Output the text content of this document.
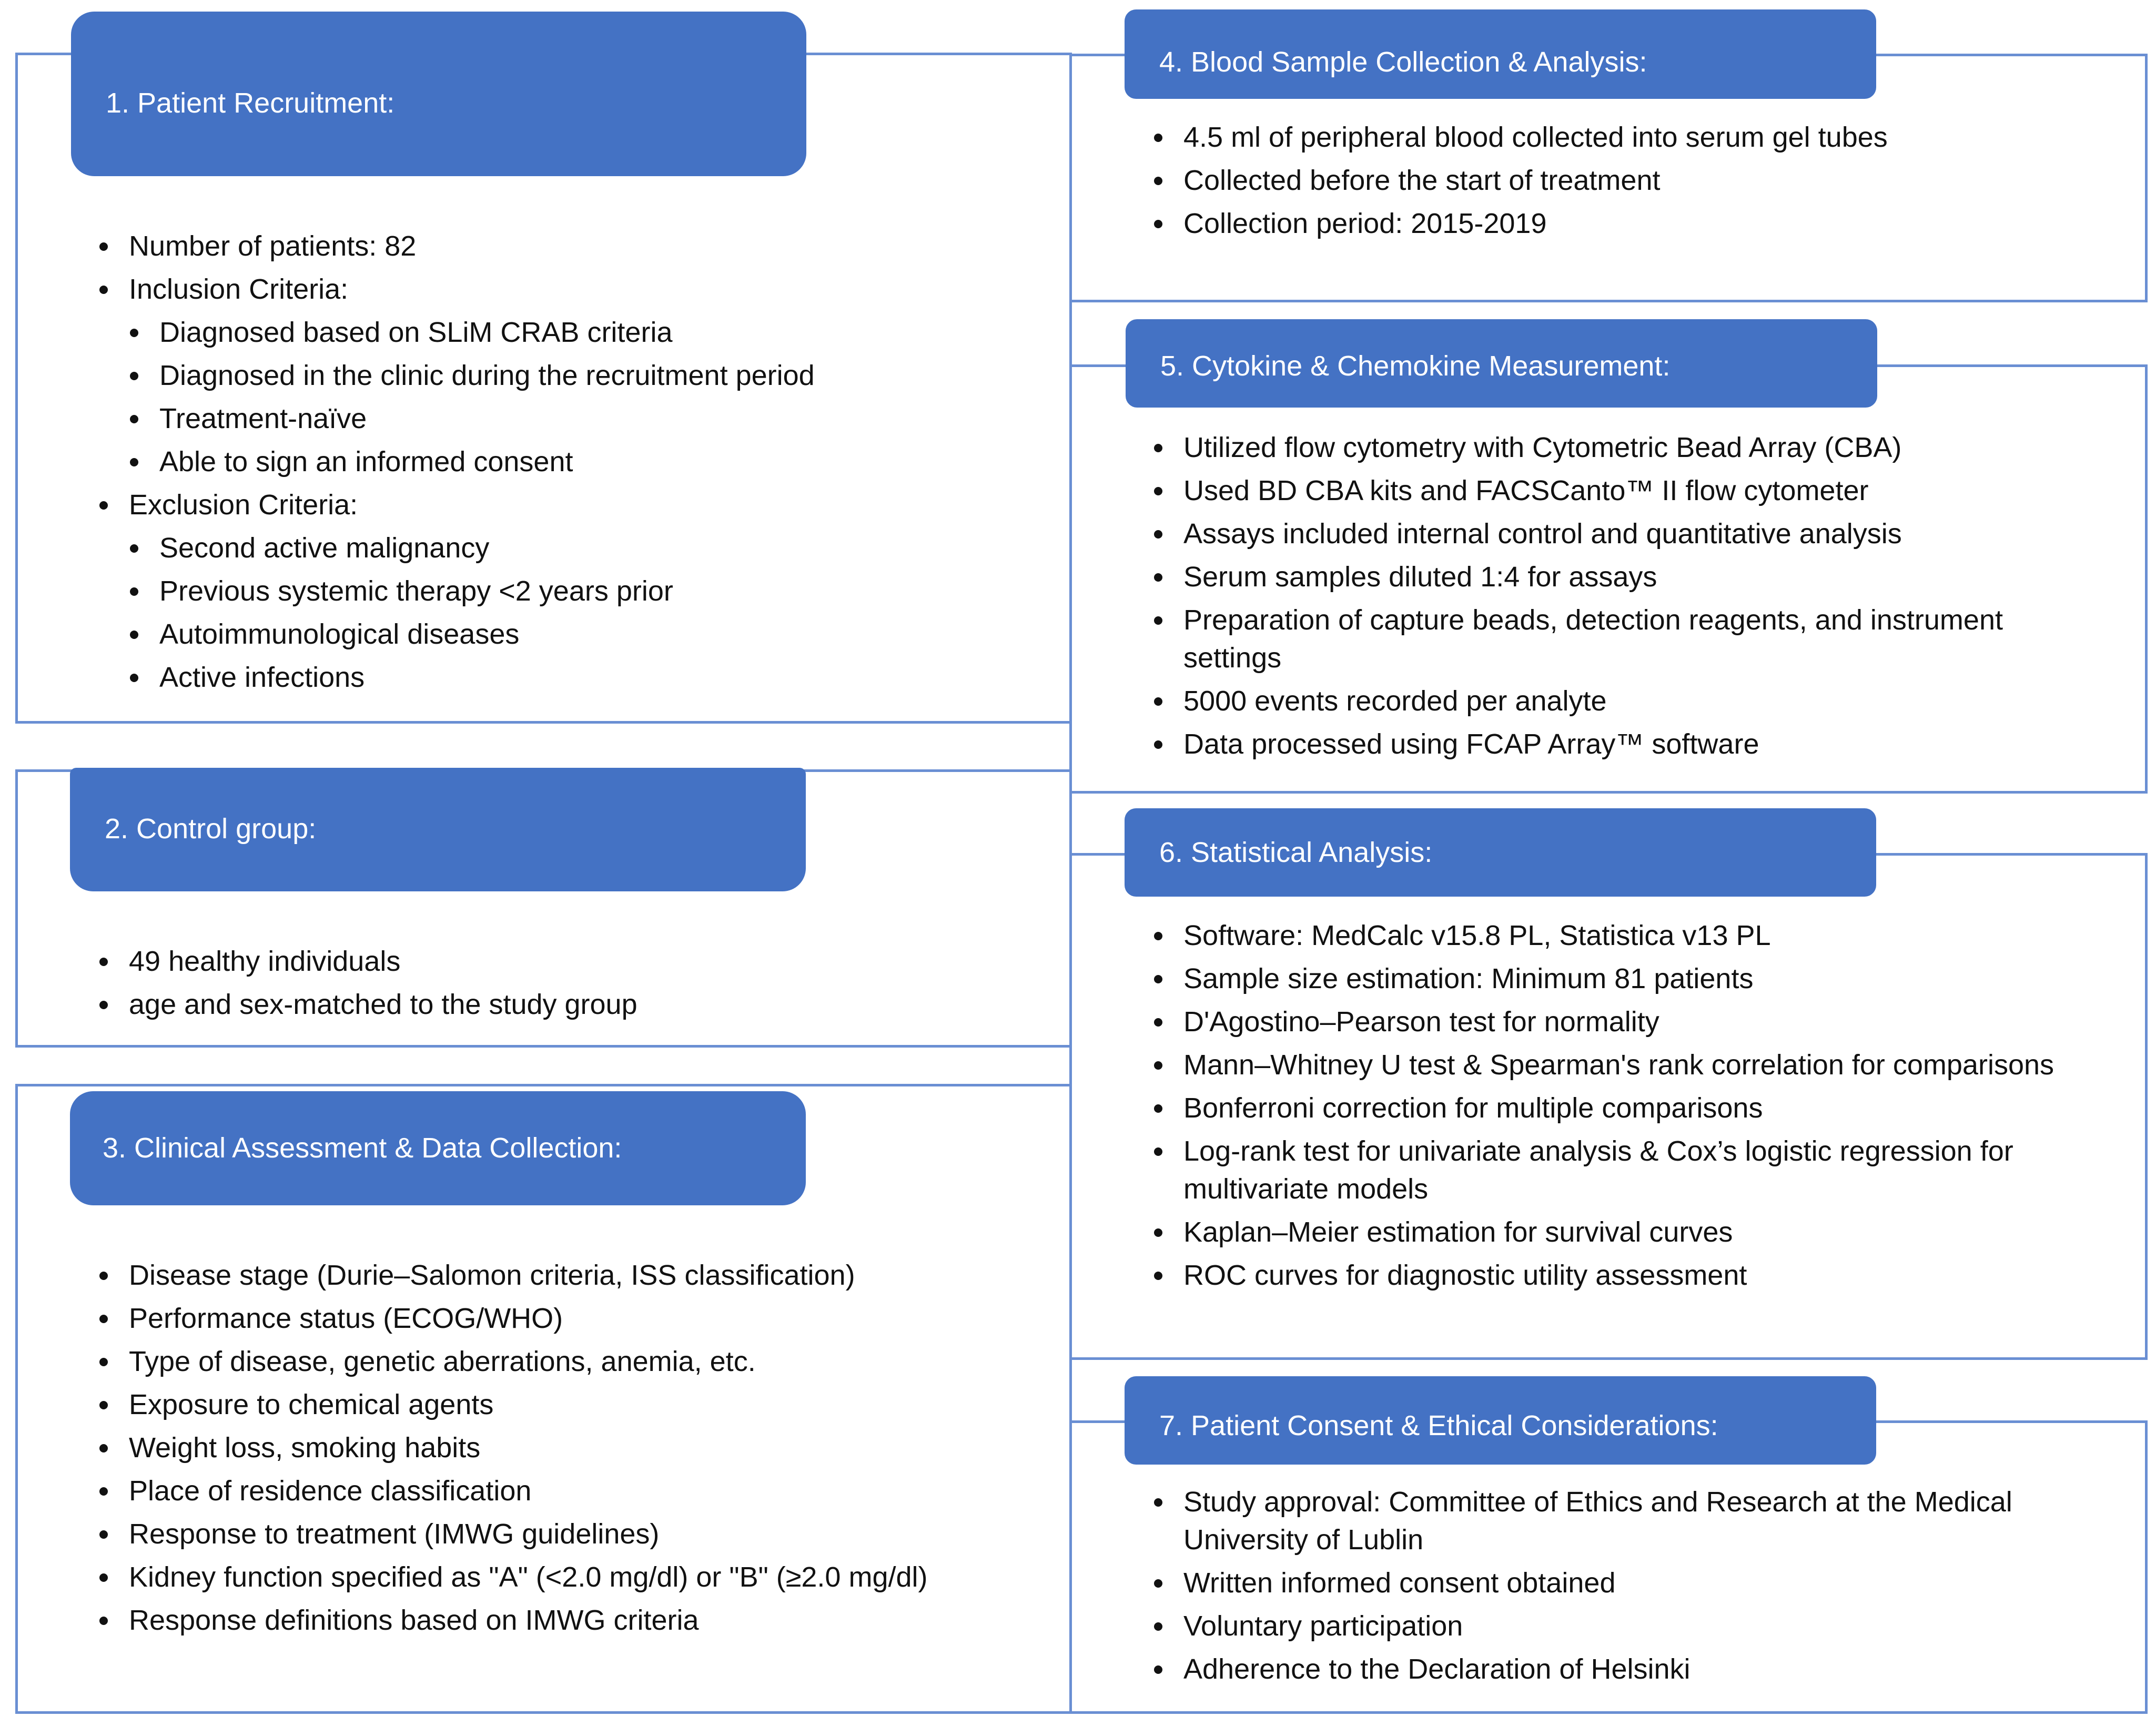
1. Patient Recruitment:
Number of patients: 82
Inclusion Criteria:
Diagnosed based on SLiM CRAB criteria
Diagnosed in the clinic during the recruitment period
Treatment-naïve
Able to sign an informed consent
Exclusion Criteria:
Second active malignancy
Previous systemic therapy <2 years prior
Autoimmunological diseases
Active infections
2. Control group:
49 healthy individuals
age and sex-matched to the study group
3. Clinical Assessment & Data Collection:
Disease stage (Durie–Salomon criteria, ISS classification)
Performance status (ECOG/WHO)
Type of disease, genetic aberrations, anemia, etc.
Exposure to chemical agents
Weight loss, smoking habits
Place of residence classification
Response to treatment (IMWG guidelines)
Kidney function specified as "A" (<2.0 mg/dl) or "B" (≥2.0 mg/dl)
Response definitions based on IMWG criteria
4. Blood Sample Collection & Analysis:
4.5 ml of peripheral blood collected into serum gel tubes
Collected before the start of treatment
Collection period: 2015-2019
5. Cytokine & Chemokine Measurement:
Utilized flow cytometry with Cytometric Bead Array (CBA)
Used BD CBA kits and FACSCanto™ II flow cytometer
Assays included internal control and quantitative analysis
Serum samples diluted 1:4 for assays
Preparation of capture beads, detection reagents, and instrument settings
5000 events recorded per analyte
Data processed using FCAP Array™ software
6. Statistical Analysis:
Software: MedCalc v15.8 PL, Statistica v13 PL
Sample size estimation: Minimum 81 patients
D'Agostino–Pearson test for normality
Mann–Whitney U test & Spearman's rank correlation for comparisons
Bonferroni correction for multiple comparisons
Log-rank test for univariate analysis & Cox’s logistic regression for multivariate models
Kaplan–Meier estimation for survival curves
ROC curves for diagnostic utility assessment
7. Patient Consent & Ethical Considerations:
Study approval: Committee of Ethics and Research at the Medical University of Lublin
Written informed consent obtained
Voluntary participation
Adherence to the Declaration of Helsinki
